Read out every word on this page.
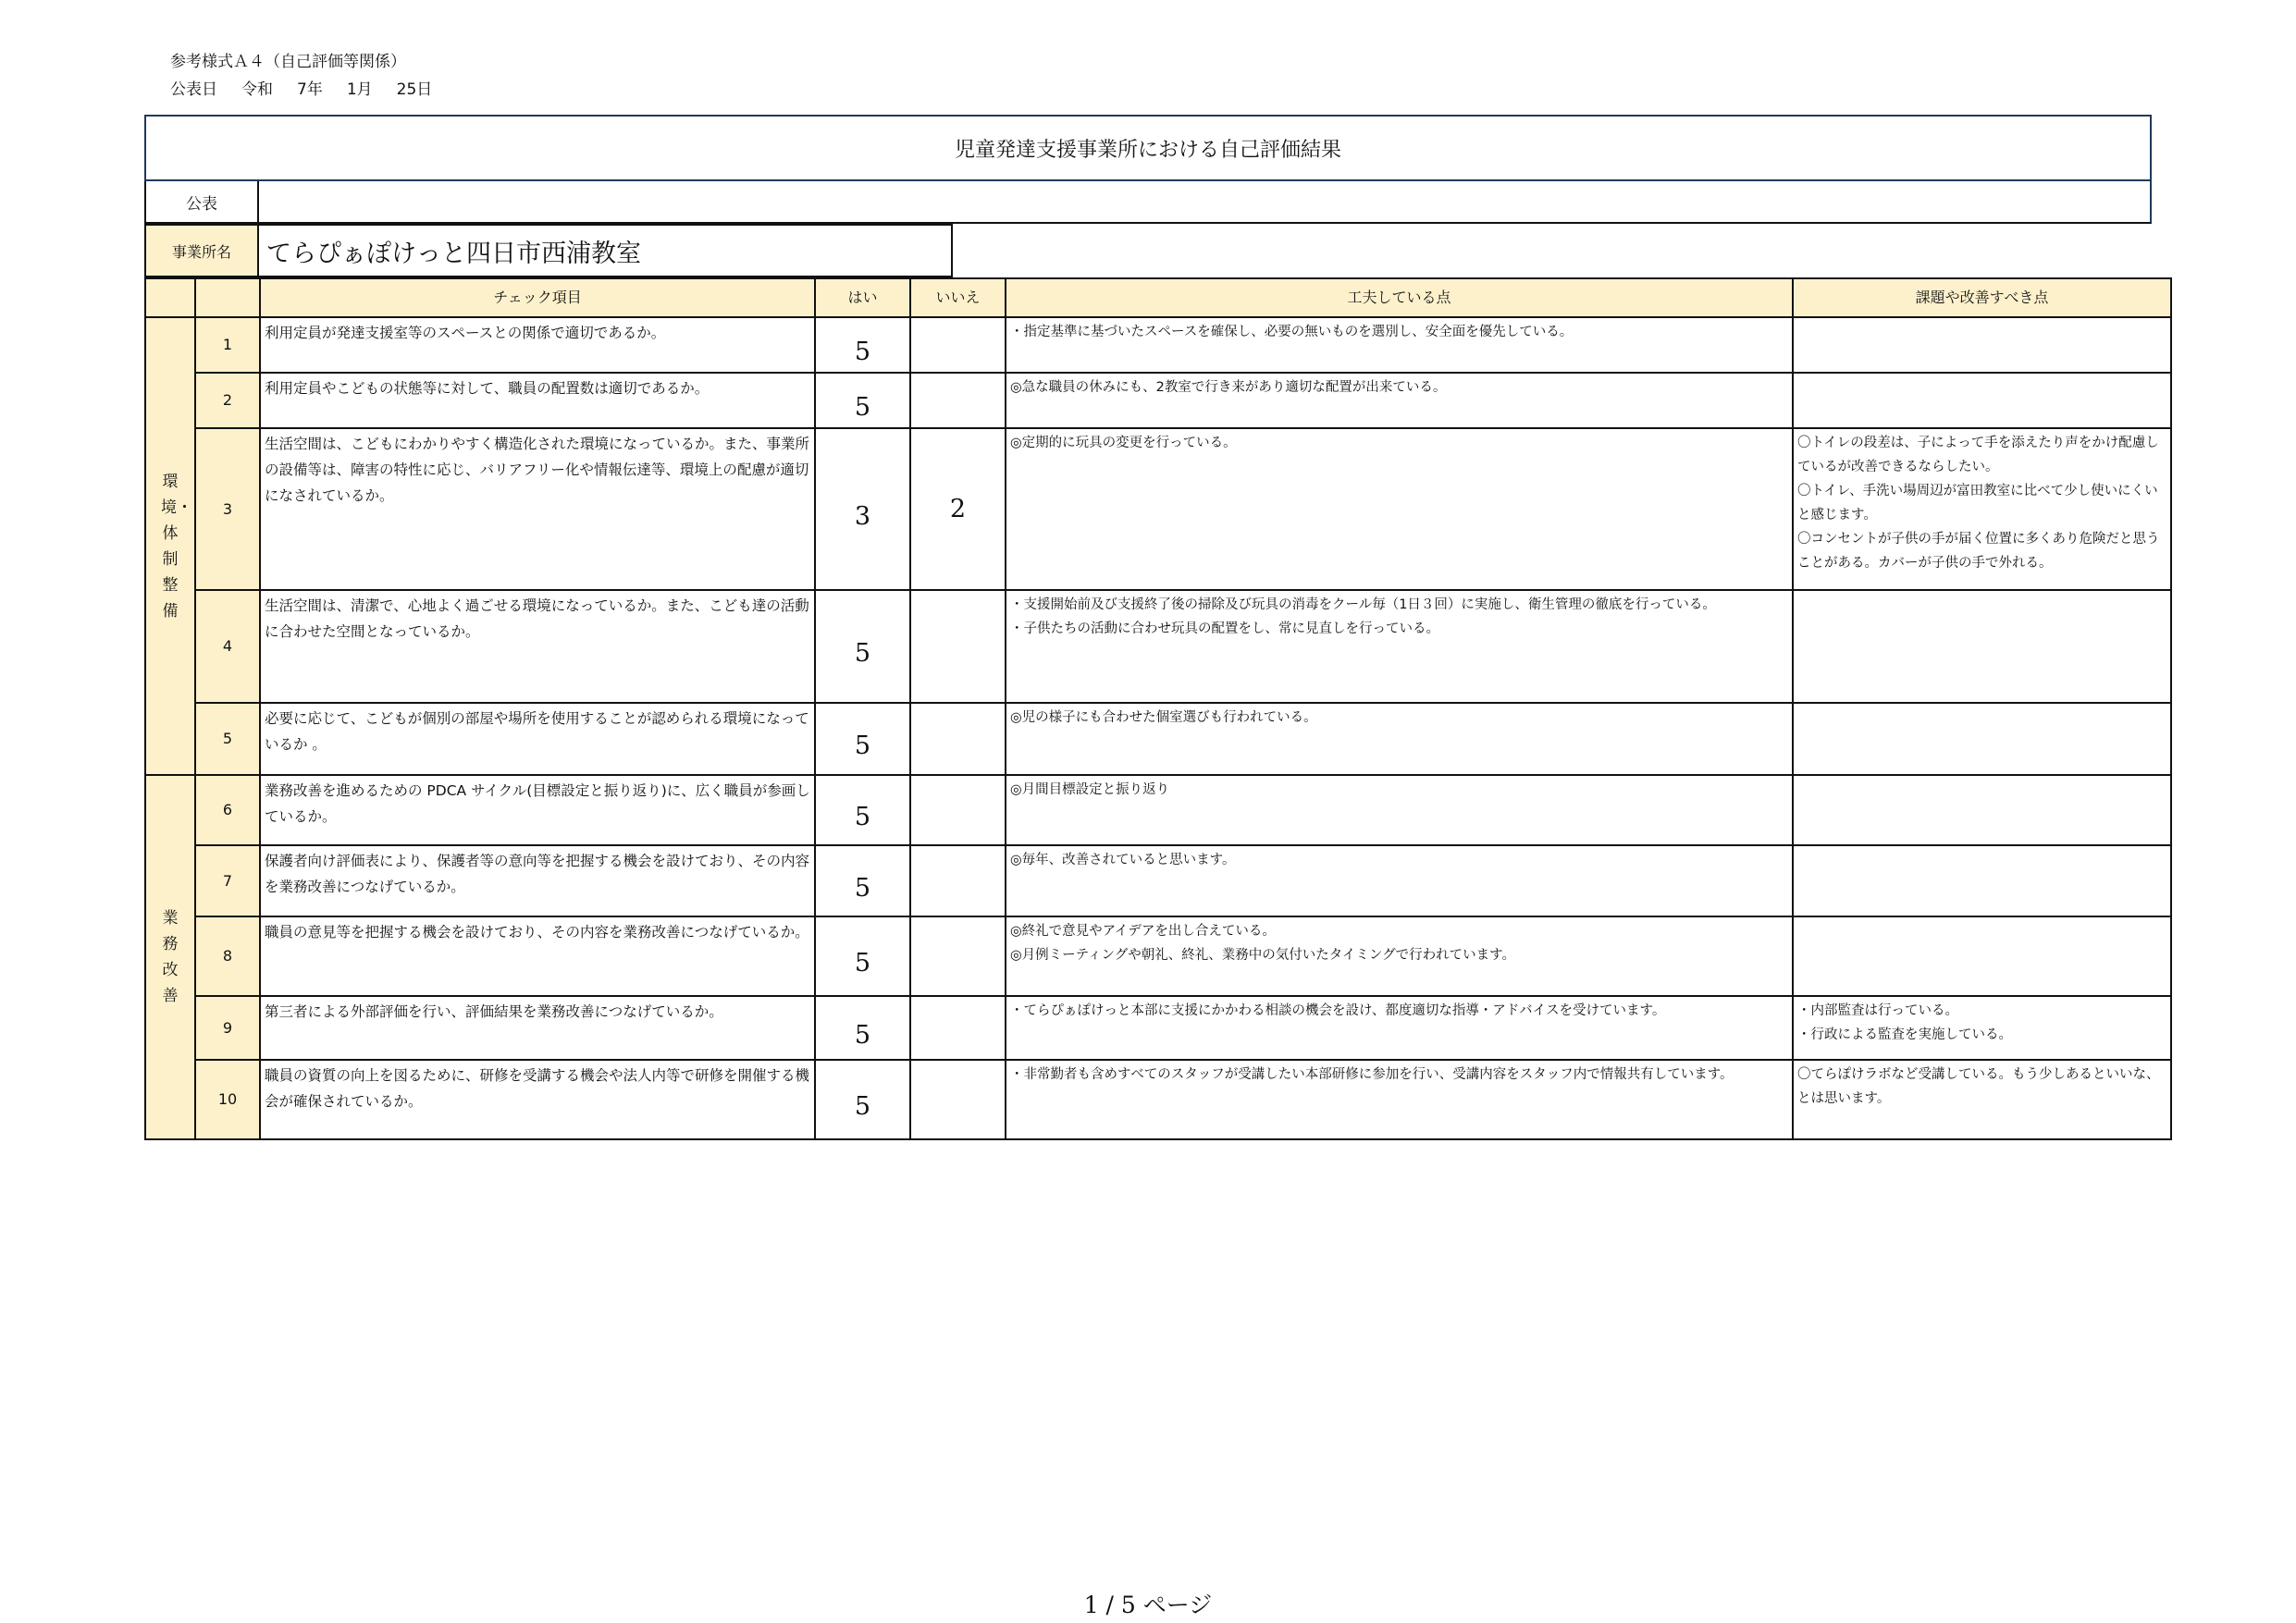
参考様式Ａ４（自己評価等関係）
公表日 令和 7年 1月 25日
児童発達支援事業所における自己評価結果
公表
事業所名	てらぴぁぽけっと四日市西浦教室
		チェック項目	はい	いいえ	工夫している点	課題や改善すべき点

環境・体制整備	1	利用定員が発達支援室等のスペースとの関係で適切であるか。	5		・指定基準に基づいたスペースを確保し、必要の無いものを選別し、安全面を優先している。	

	2	利用定員やこどもの状態等に対して、職員の配置数は適切であるか。	5		◎急な職員の休みにも、2教室で行き来があり適切な配置が出来ている。	

	3	生活空間は、こどもにわかりやすく構造化された環境になっているか。また、事業所の設備等は、障害の特性に応じ、バリアフリー化や情報伝達等、環境上の配慮が適切になされているか。	3	2	◎定期的に玩具の変更を行っている。	〇トイレの段差は、子によって手を添えたり声をかけ配慮しているが改善できるならしたい。
〇トイレ、手洗い場周辺が富田教室に比べて少し使いにくいと感じます。
〇コンセントが子供の手が届く位置に多くあり危険だと思うことがある。カバーが子供の手で外れる。

	4	生活空間は、清潔で、心地よく過ごせる環境になっているか。また、こども達の活動に合わせた空間となっているか。	5		・支援開始前及び支援終了後の掃除及び玩具の消毒をクール毎（1日３回）に実施し、衛生管理の徹底を行っている。
・子供たちの活動に合わせ玩具の配置をし、常に見直しを行っている。	

	5	必要に応じて、こどもが個別の部屋や場所を使用することが認められる環境になっているか 。	5		◎児の様子にも合わせた個室選びも行われている。	

業務改善	6	業務改善を進めるための PDCA サイクル(目標設定と振り返り)に、広く職員が参画しているか。	5		◎月間目標設定と振り返り	

	7	保護者向け評価表により、保護者等の意向等を把握する機会を設けており、その内容を業務改善につなげているか。	5		◎毎年、改善されていると思います。	

	8	職員の意見等を把握する機会を設けており、その内容を業務改善につなげているか。	5		◎終礼で意見やアイデアを出し合えている。
◎月例ミーティングや朝礼、終礼、業務中の気付いたタイミングで行われています。	

	9	第三者による外部評価を行い、評価結果を業務改善につなげているか。	5		・てらぴぁぽけっと本部に支援にかかわる相談の機会を設け、都度適切な指導・アドバイスを受けています。	・内部監査は行っている。
・行政による監査を実施している。

	10	職員の資質の向上を図るために、研修を受講する機会や法人内等で研修を開催する機会が確保されているか。	5		・非常勤者も含めすべてのスタッフが受講したい本部研修に参加を行い、受講内容をスタッフ内で情報共有しています。	〇てらぽけラボなど受講している。もう少しあるといいな、とは思います。
1 / 5 ページ
